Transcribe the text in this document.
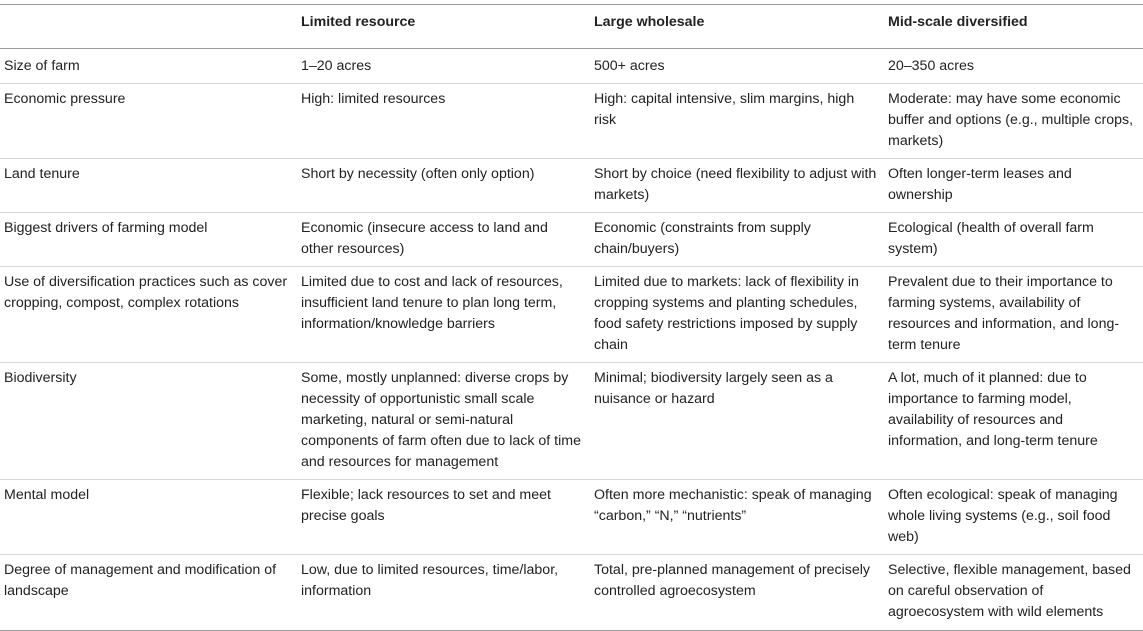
	Limited resource	Large wholesale	Mid-scale diversified
Size of farm	1–20 acres	500+ acres	20–350 acres
Economic pressure	High: limited resources	High: capital intensive, slim margins, high risk	Moderate: may have some economic buffer and options (e.g., multiple crops, markets)
Land tenure	Short by necessity (often only option)	Short by choice (need flexibility to adjust with markets)	Often longer-term leases and ownership
Biggest drivers of farming model	Economic (insecure access to land and other resources)	Economic (constraints from supply chain/buyers)	Ecological (health of overall farm system)
Use of diversification practices such as cover cropping, compost, complex rotations	Limited due to cost and lack of resources, insufficient land tenure to plan long term, information/knowledge barriers	Limited due to markets: lack of flexibility in cropping systems and planting schedules, food safety restrictions imposed by supply chain	Prevalent due to their importance to farming systems, availability of resources and information, and long-term tenure
Biodiversity	Some, mostly unplanned: diverse crops by necessity of opportunistic small scale marketing, natural or semi-natural components of farm often due to lack of time and resources for management	Minimal; biodiversity largely seen as a nuisance or hazard	A lot, much of it planned: due to importance to farming model, availability of resources and information, and long-term tenure
Mental model	Flexible; lack resources to set and meet precise goals	Often more mechanistic: speak of managing “carbon,” “N,” “nutrients”	Often ecological: speak of managing whole living systems (e.g., soil food web)
Degree of management and modification of landscape	Low, due to limited resources, time/labor, information	Total, pre-planned management of precisely controlled agroecosystem	Selective, flexible management, based on careful observation of agroecosystem with wild elements
